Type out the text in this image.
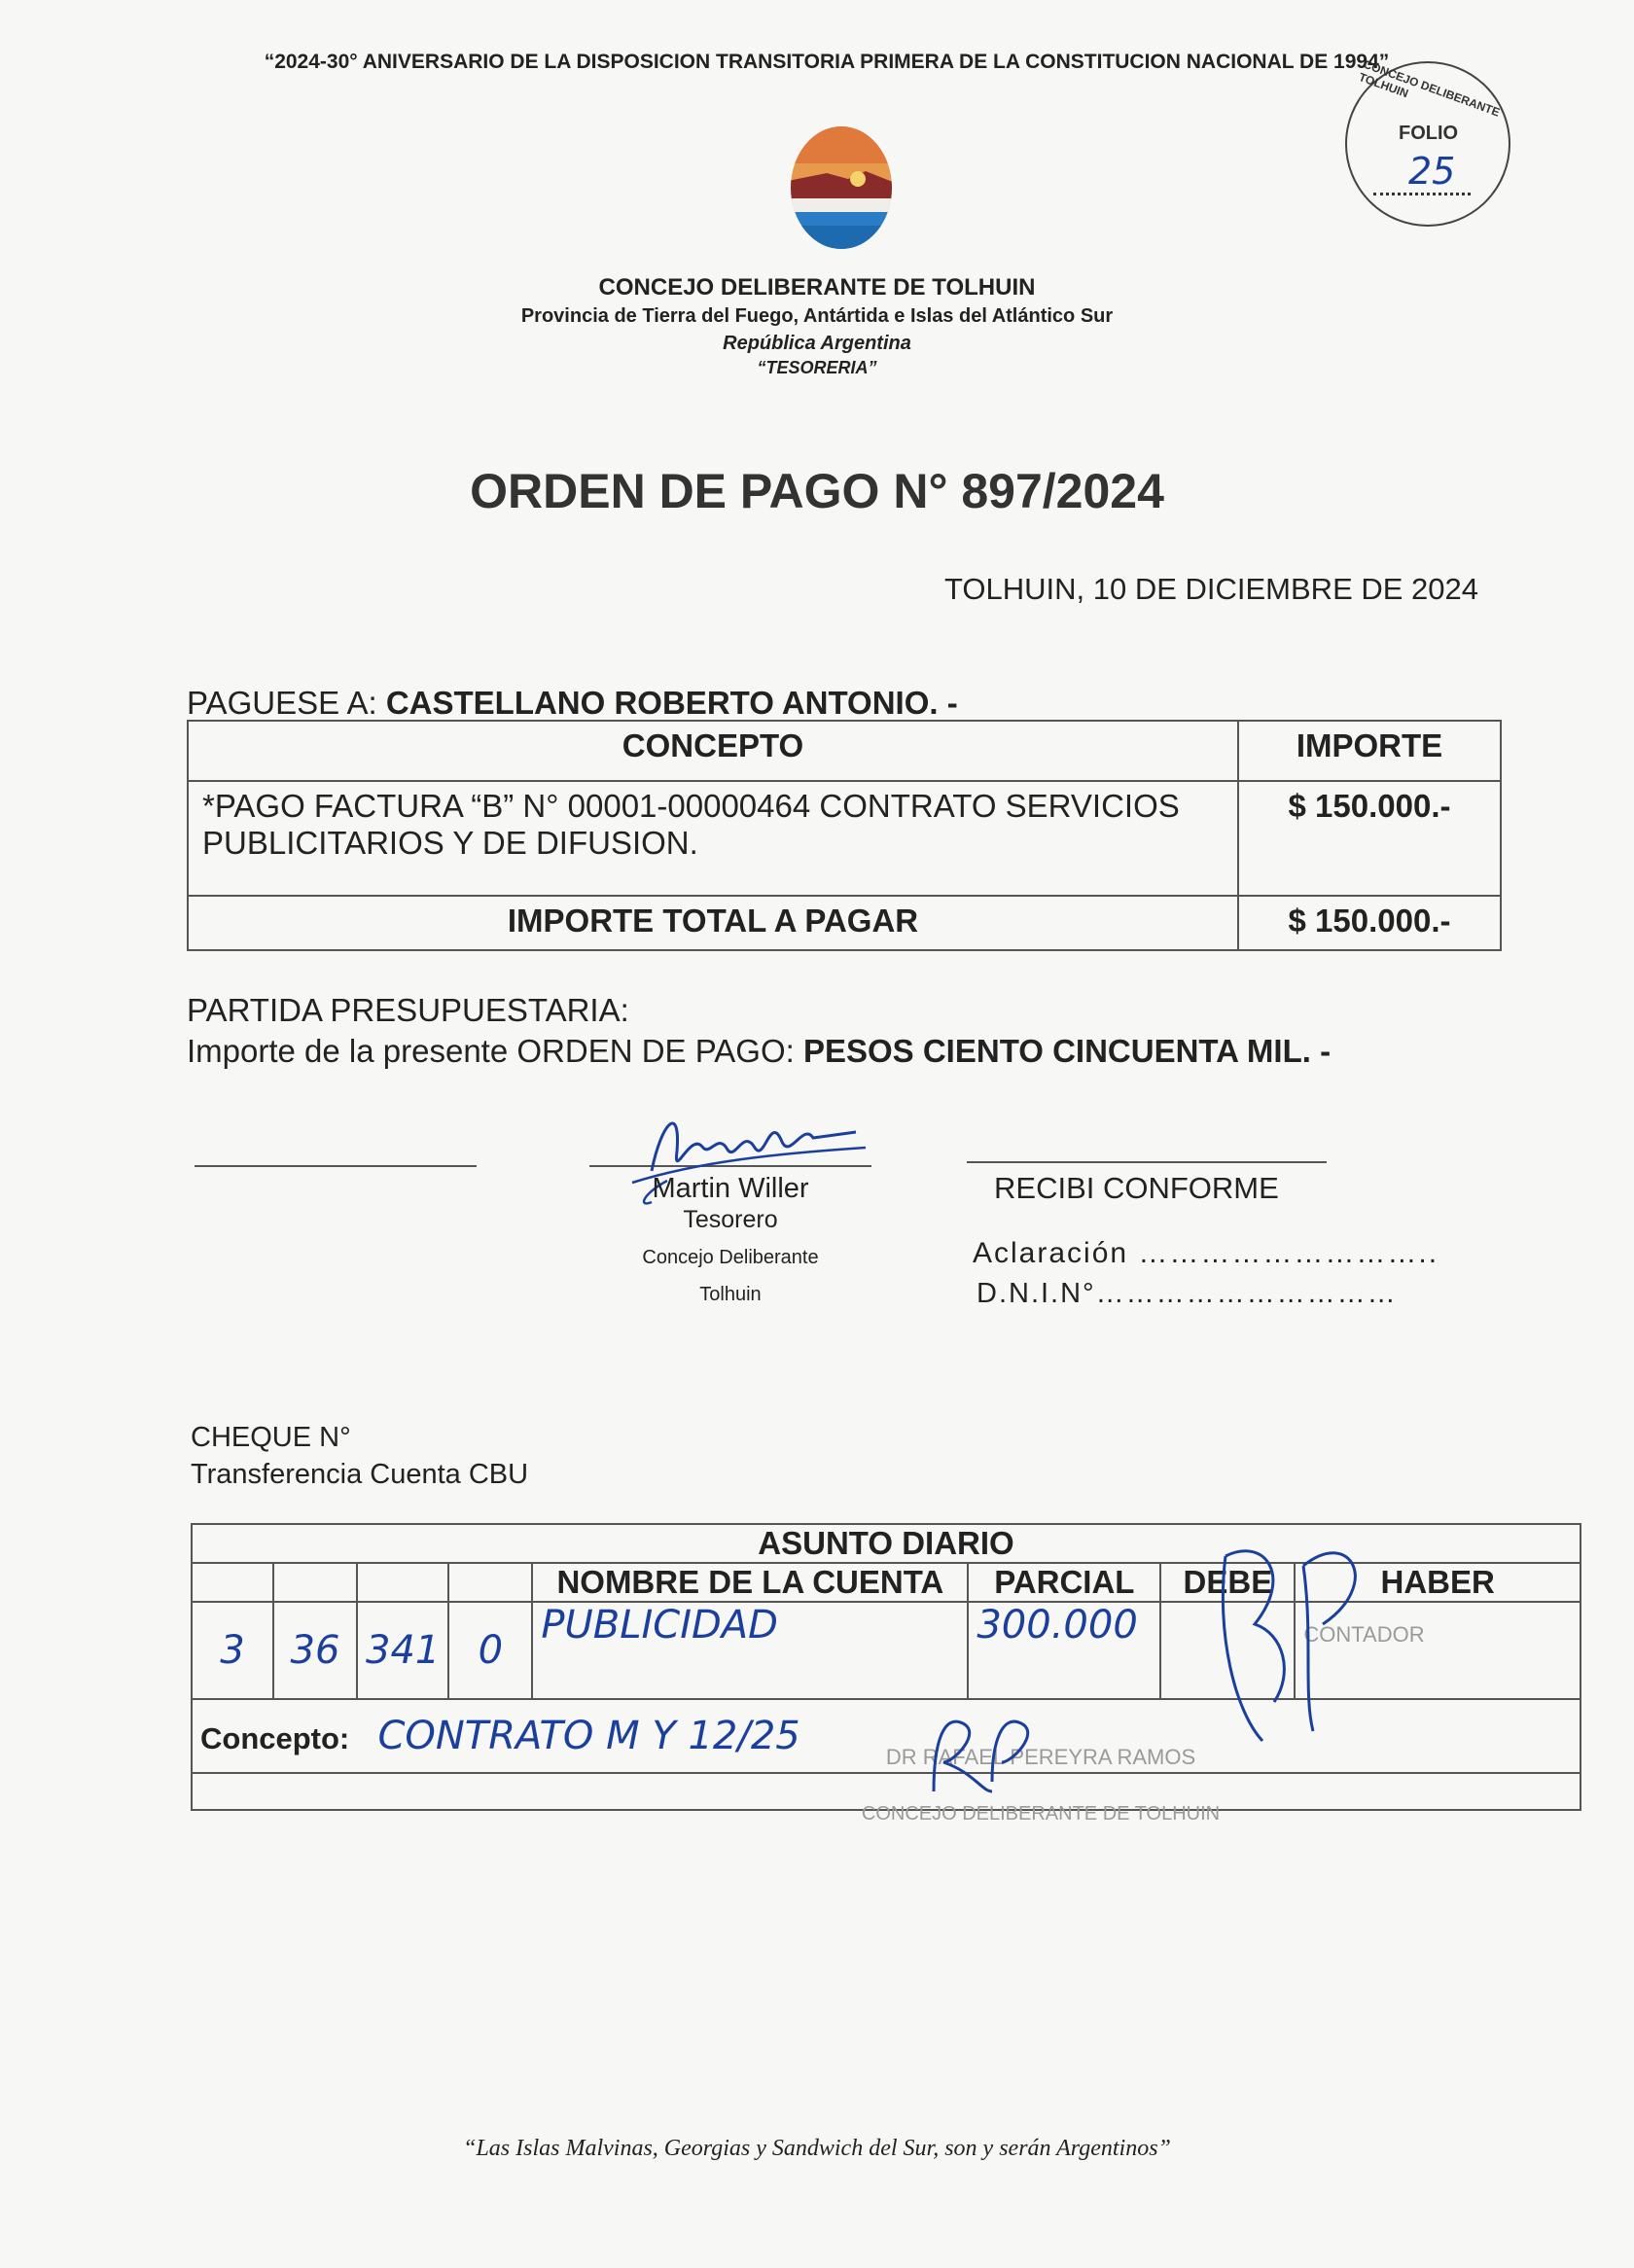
“2024-30° ANIVERSARIO DE LA DISPOSICION TRANSITORIA PRIMERA DE LA CONSTITUCION NACIONAL DE 1994”
CONCEJO DELIBERANTE DE TOLHUIN
Provincia de Tierra del Fuego, Antártida e Islas del Atlántico Sur
República Argentina
“TESORERIA”
FOLIO
CONCEJO DELIBERANTE TOLHUIN
25
ORDEN DE PAGO N° 897/2024
TOLHUIN, 10 DE DICIEMBRE DE 2024
PAGUESE A: CASTELLANO ROBERTO ANTONIO. -
CONCEPTO	IMPORTE

*PAGO FACTURA “B” N° 00001-00000464 CONTRATO SERVICIOS
PUBLICITARIOS Y DE DIFUSION.	$ 150.000.-
IMPORTE TOTAL A PAGAR	$ 150.000.-
PARTIDA PRESUPUESTARIA:
Importe de la presente ORDEN DE PAGO: PESOS CIENTO CINCUENTA MIL. -
Martin Willer
Tesorero
Concejo Deliberante
Tolhuin
RECIBI CONFORME
Aclaración ………………………..
D.N.I.N°…………………………
CHEQUE N°
Transferencia Cuenta CBU
ASUNTO DIARIO							
				NOMBRE DE LA CUENTA	PARCIAL	DEBE	HABER
3	36	341	0	PUBLICIDAD	300.000		CONTADOR

Concepto: CONTRATO M Y 12/25								DR RAFAEL PEREYRA RAMOS
CONCEJO DELIBERANTE DE TOLHUIN
“Las Islas Malvinas, Georgias y Sandwich del Sur, son y serán Argentinos”
